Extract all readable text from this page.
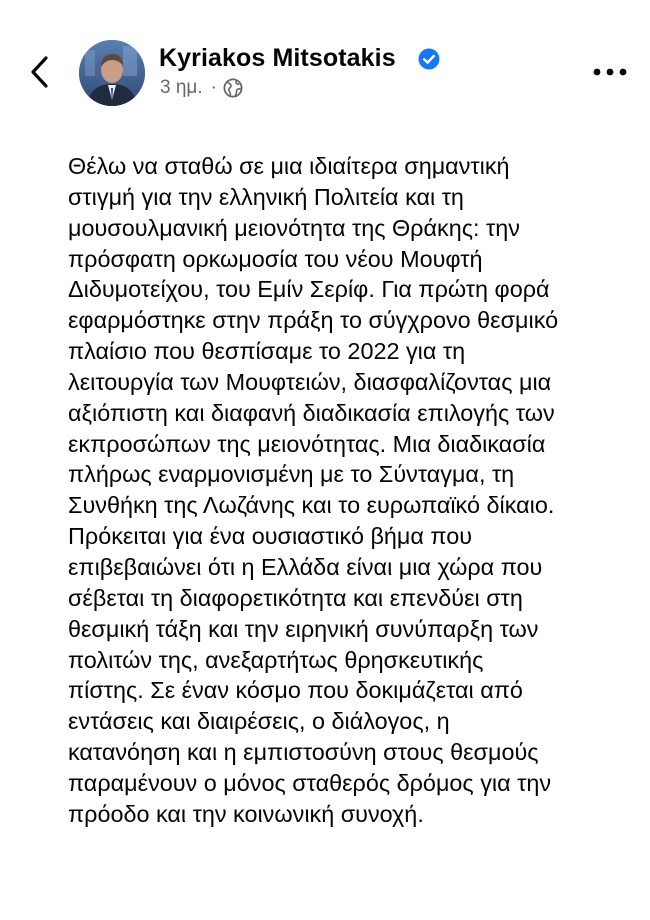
Kyriakos Mitsotakis
3 ημ. ·
Θέλω να σταθώ σε μια ιδιαίτερα σημαντική
στιγμή για την ελληνική Πολιτεία και τη
μουσουλμανική μειονότητα της Θράκης: την
πρόσφατη ορκωμοσία του νέου Μουφτή
Διδυμοτείχου, του Εμίν Σερίφ. Για πρώτη φορά
εφαρμόστηκε στην πράξη το σύγχρονο θεσμικό
πλαίσιο που θεσπίσαμε το 2022 για τη
λειτουργία των Μουφτειών, διασφαλίζοντας μια
αξιόπιστη και διαφανή διαδικασία επιλογής των
εκπροσώπων της μειονότητας. Μια διαδικασία
πλήρως εναρμονισμένη με το Σύνταγμα, τη
Συνθήκη της Λωζάνης και το ευρωπαϊκό δίκαιο.
Πρόκειται για ένα ουσιαστικό βήμα που
επιβεβαιώνει ότι η Ελλάδα είναι μια χώρα που
σέβεται τη διαφορετικότητα και επενδύει στη
θεσμική τάξη και την ειρηνική συνύπαρξη των
πολιτών της, ανεξαρτήτως θρησκευτικής
πίστης. Σε έναν κόσμο που δοκιμάζεται από
εντάσεις και διαιρέσεις, ο διάλογος, η
κατανόηση και η εμπιστοσύνη στους θεσμούς
παραμένουν ο μόνος σταθερός δρόμος για την
πρόοδο και την κοινωνική συνοχή.
